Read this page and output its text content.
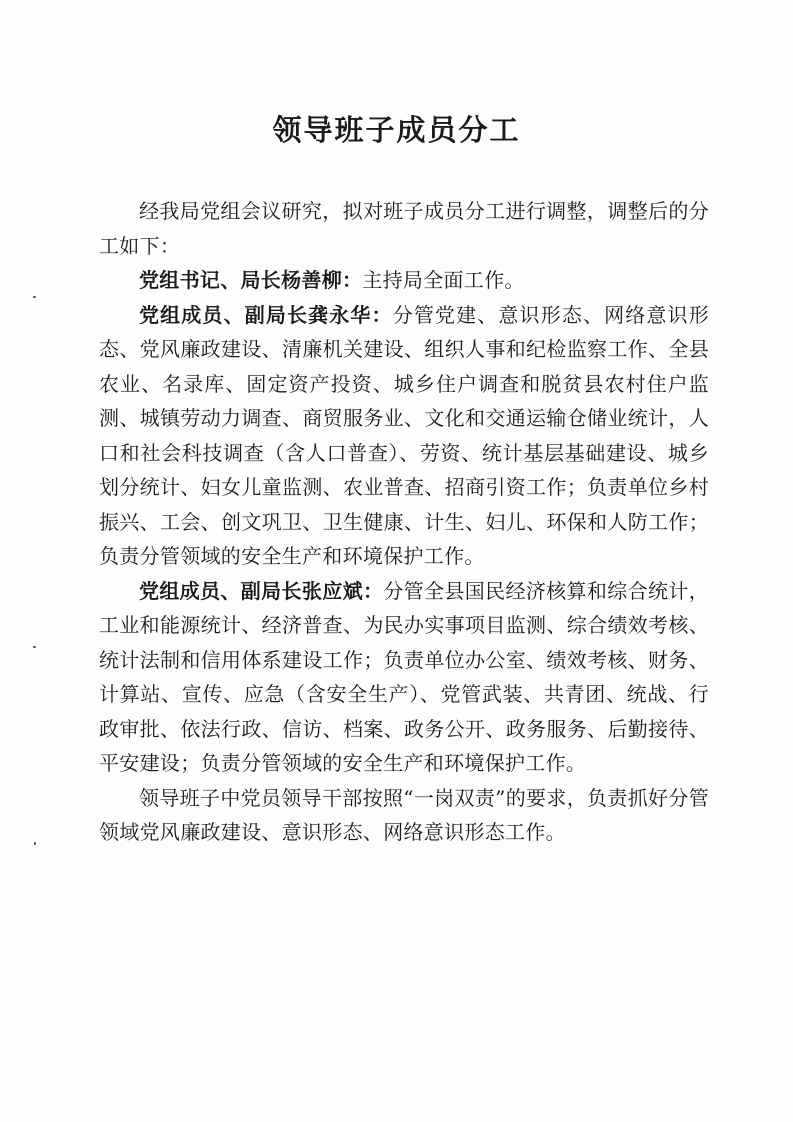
领导班子成员分工

经我局党组会议研究，拟对班子成员分工进行调整，调整后的分工如下：

党组书记、局长杨善柳：主持局全面工作。

党组成员、副局长龚永华：分管党建、意识形态、网络意识形态、党风廉政建设、清廉机关建设、组织人事和纪检监察工作、全县农业、名录库、固定资产投资、城乡住户调查和脱贫县农村住户监测、城镇劳动力调查、商贸服务业、文化和交通运输仓储业统计，人口和社会科技调查（含人口普查）、劳资、统计基层基础建设、城乡划分统计、妇女儿童监测、农业普查、招商引资工作；负责单位乡村振兴、工会、创文巩卫、卫生健康、计生、妇儿、环保和人防工作；负责分管领域的安全生产和环境保护工作。

党组成员、副局长张应斌：分管全县国民经济核算和综合统计，工业和能源统计、经济普查、为民办实事项目监测、综合绩效考核、统计法制和信用体系建设工作；负责单位办公室、绩效考核、财务、计算站、宣传、应急（含安全生产）、党管武装、共青团、统战、行政审批、依法行政、信访、档案、政务公开、政务服务、后勤接待、平安建设；负责分管领域的安全生产和环境保护工作。

领导班子中党员领导干部按照“一岗双责”的要求，负责抓好分管领域党风廉政建设、意识形态、网络意识形态工作。
